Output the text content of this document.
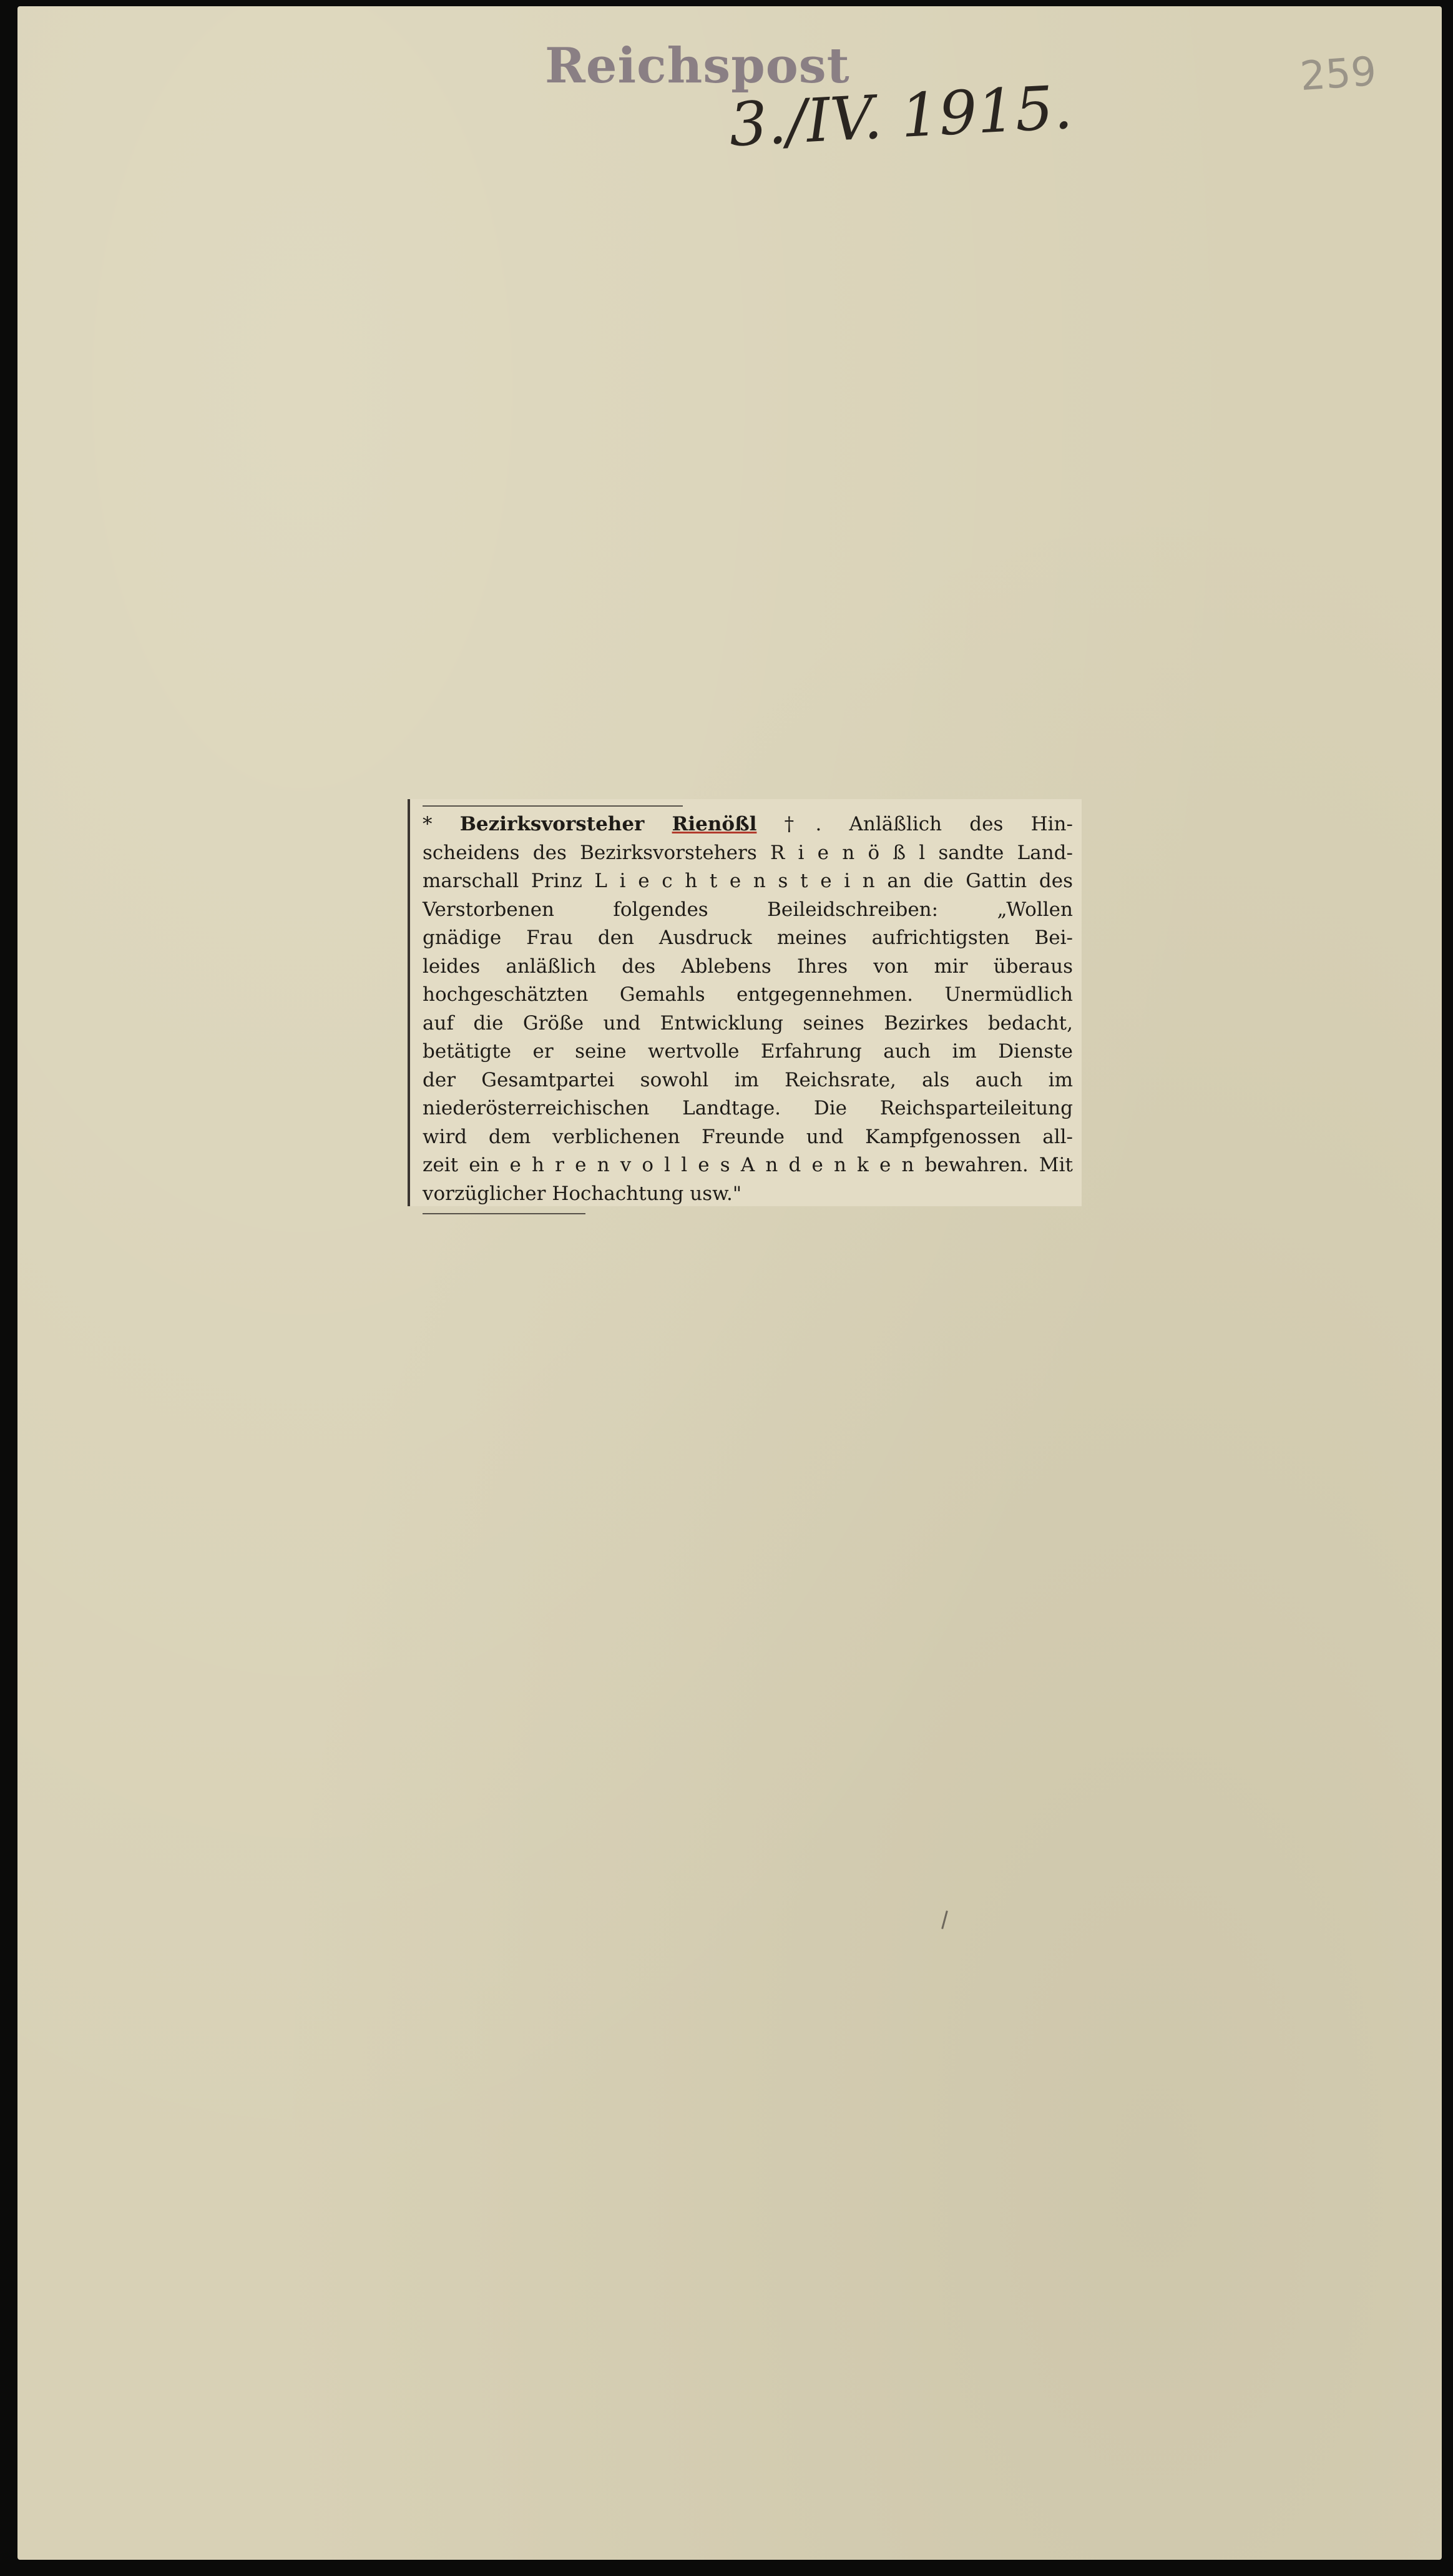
Reichspost
3./IV. 1915.	259
* Bezirksvorsteher Rienößl †. Anläßlich des Hin-
scheidens des Bezirksvorstehers R i e n ö ß l sandte Land-
marschall Prinz L i e c h t e n s t e i n an die Gattin des
Verstorbenen folgendes Beileidschreiben: „Wollen
gnädige Frau den Ausdruck meines aufrichtigsten Bei-
leides anläßlich des Ablebens Ihres von mir überaus
hochgeschätzten Gemahls entgegennehmen. Unermüdlich
auf die Größe und Entwicklung seines Bezirkes bedacht,
betätigte er seine wertvolle Erfahrung auch im Dienste
der Gesamtpartei sowohl im Reichsrate, als auch im
niederösterreichischen Landtage. Die Reichsparteileitung
wird dem verblichenen Freunde und Kampfgenossen all-
zeit ein e h r e n v o l l e s A n d e n k e n bewahren. Mit
vorzüglicher Hochachtung usw."
